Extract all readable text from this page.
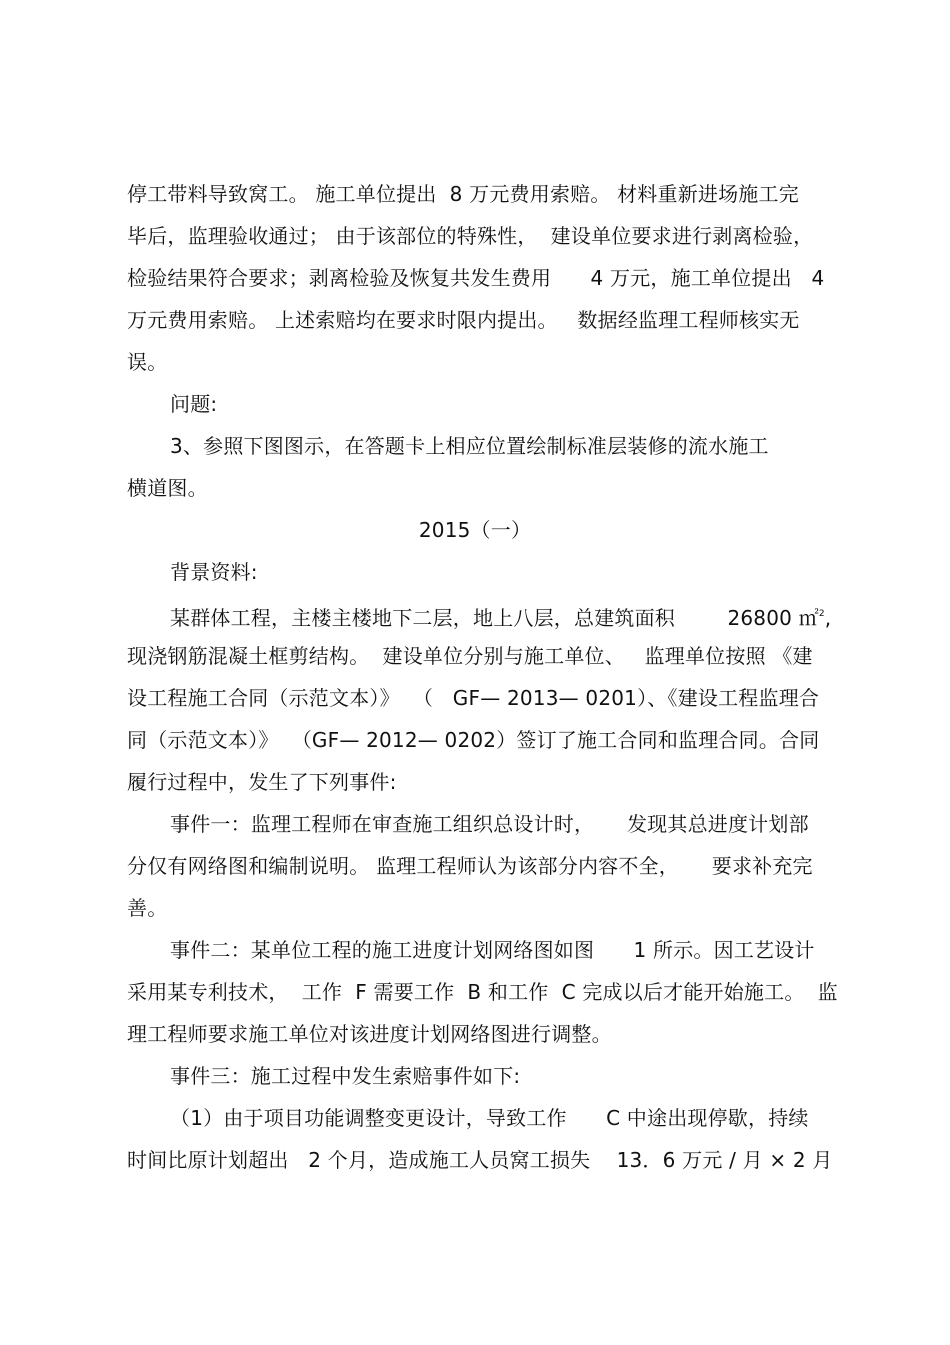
停工带料导致窝工。 施工单位提出  8 万元费用索赔。 材料重新进场施工完
毕后，监理验收通过； 由于该部位的特殊性，  建设单位要求进行剥离检验，
检验结果符合要求；剥离检验及恢复共发生费用      4 万元，施工单位提出   4
万元费用索赔。 上述索赔均在要求时限内提出。   数据经监理工程师核实无
误。
问题:
3、参照下图图示，在答题卡上相应位置绘制标准层装修的流水施工
横道图。
2015（一）
背景资料:
某群体工程，主楼主楼地下二层，地上八层，总建筑面积        26800 ㎡$^2$,
现浇钢筋混凝土框剪结构。  建设单位分别与施工单位、   监理单位按照 《建
设工程施工合同（示范文本）》  （   GF— 2013— 0201）、《建设工程监理合
同（示范文本）》  （GF— 2012— 0202）签订了施工合同和监理合同。合同
履行过程中，发生了下列事件:
事件一：监理工程师在审查施工组织总设计时，     发现其总进度计划部
分仅有网络图和编制说明。 监理工程师认为该部分内容不全，     要求补充完
善。
事件二：某单位工程的施工进度计划网络图如图      1 所示。因工艺设计
采用某专利技术，  工作  F 需要工作  B 和工作  C 完成以后才能开始施工。  监
理工程师要求施工单位对该进度计划网络图进行调整。
事件三：施工过程中发生索赔事件如下:
（1）由于项目功能调整变更设计，导致工作      C 中途出现停歇，持续
时间比原计划超出   2 个月，造成施工人员窝工损失    13．6 万元 / 月 × 2 月
